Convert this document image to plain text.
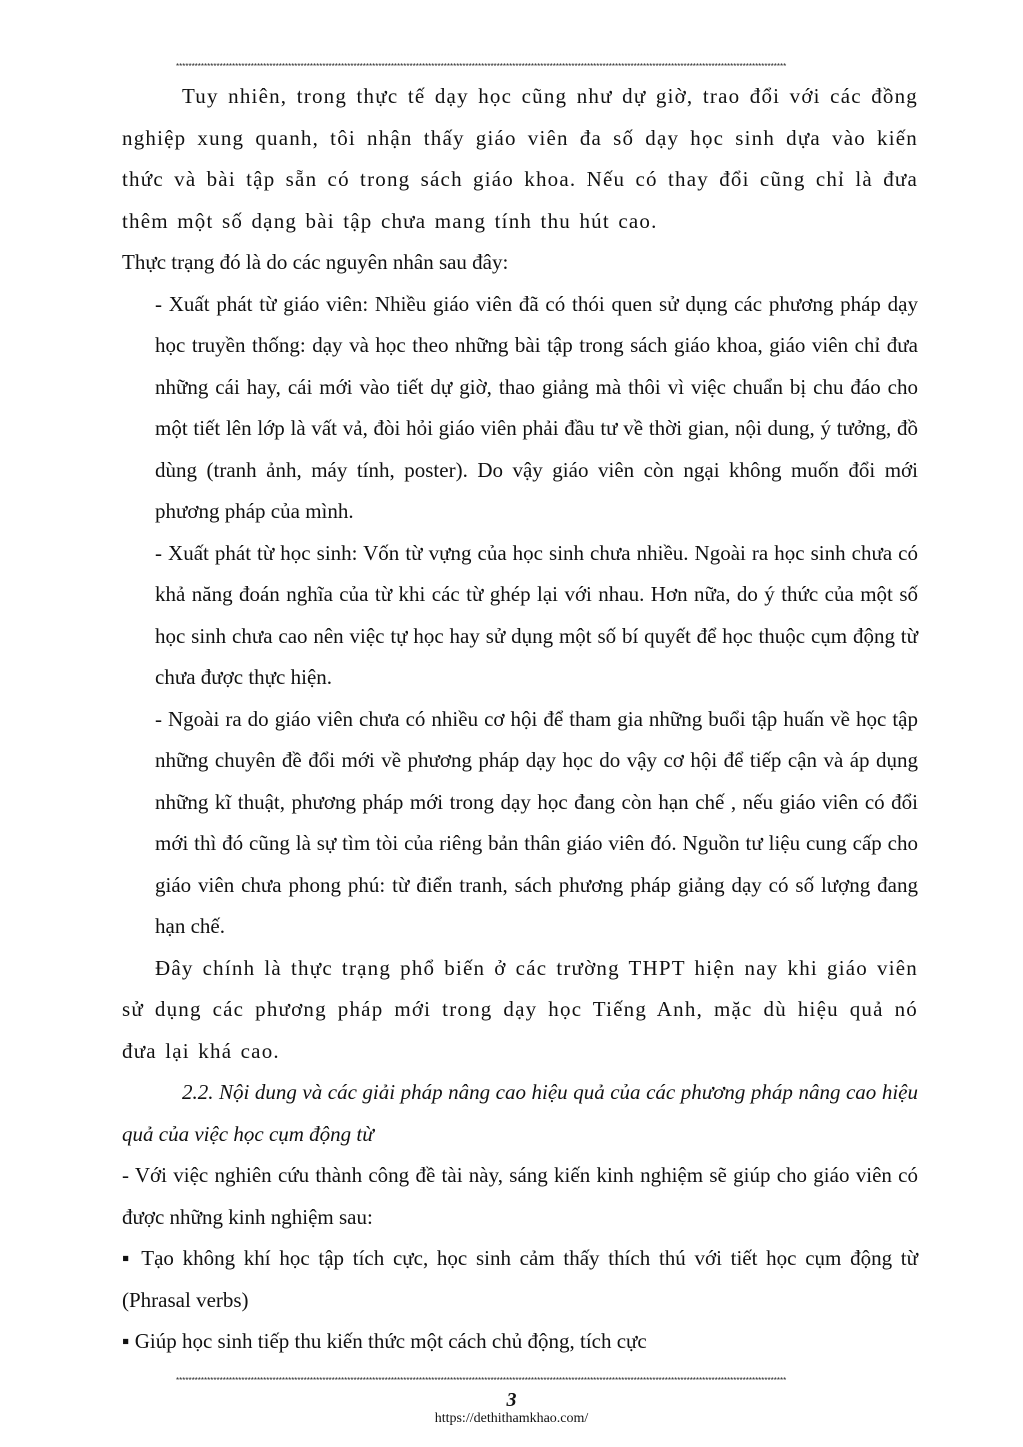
****************************************************************************************************************************************************************************************************

Tuy nhiên, trong thực tế dạy học cũng như dự giờ, trao đổi với các đồng nghiệp xung quanh, tôi nhận thấy giáo viên đa số dạy học sinh dựa vào kiến thức và bài tập sẵn có trong sách giáo khoa. Nếu có thay đổi cũng chỉ là đưa thêm một số dạng bài tập chưa mang tính thu hút cao.

Thực trạng đó là do các nguyên nhân sau đây:

- Xuất phát từ giáo viên: Nhiều giáo viên đã có thói quen sử dụng các phương pháp dạy học truyền thống: dạy và học theo những bài tập trong sách giáo khoa, giáo viên chỉ đưa những cái hay, cái mới vào tiết dự giờ, thao giảng mà thôi vì việc chuẩn bị chu đáo cho một tiết lên lớp là vất vả, đòi hỏi giáo viên phải đầu tư về thời gian, nội dung, ý tưởng, đồ dùng (tranh ảnh, máy tính, poster). Do vậy giáo viên còn ngại không muốn đổi mới phương pháp của mình.

- Xuất phát từ học sinh: Vốn từ vựng của học sinh chưa nhiều. Ngoài ra học sinh chưa có khả năng đoán nghĩa của từ khi các từ ghép lại với nhau. Hơn nữa, do ý thức của một số học sinh chưa cao nên việc tự học hay sử dụng một số bí quyết để học thuộc cụm động từ chưa được thực hiện.

- Ngoài ra do giáo viên chưa có nhiều cơ hội để tham gia những buổi tập huấn về học tập những chuyên đề đổi mới về phương pháp dạy học do vậy cơ hội để tiếp cận và áp dụng những kĩ thuật, phương pháp mới trong dạy học đang còn hạn chế , nếu giáo viên có đổi mới thì đó cũng là sự tìm tòi của riêng bản thân giáo viên đó. Nguồn tư liệu cung cấp cho giáo viên chưa phong phú: từ điển tranh, sách phương pháp giảng dạy có số lượng đang hạn chế.

Đây chính là thực trạng phổ biến ở các trường THPT hiện nay khi giáo viên sử dụng các phương pháp mới trong dạy học Tiếng Anh, mặc dù hiệu quả nó đưa lại khá cao.

2.2. Nội dung và các giải pháp nâng cao hiệu quả của các phương pháp nâng cao hiệu quả của việc học cụm động từ

- Với việc nghiên cứu thành công đề tài này, sáng kiến kinh nghiệm sẽ giúp cho giáo viên có được những kinh nghiệm sau:

▪ Tạo không khí học tập tích cực, học sinh cảm thấy thích thú với tiết học cụm động từ (Phrasal verbs)

▪ Giúp học sinh tiếp thu kiến thức một cách chủ động, tích cực

****************************************************************************************************************************************************************************************************
3
https://dethithamkhao.com/
